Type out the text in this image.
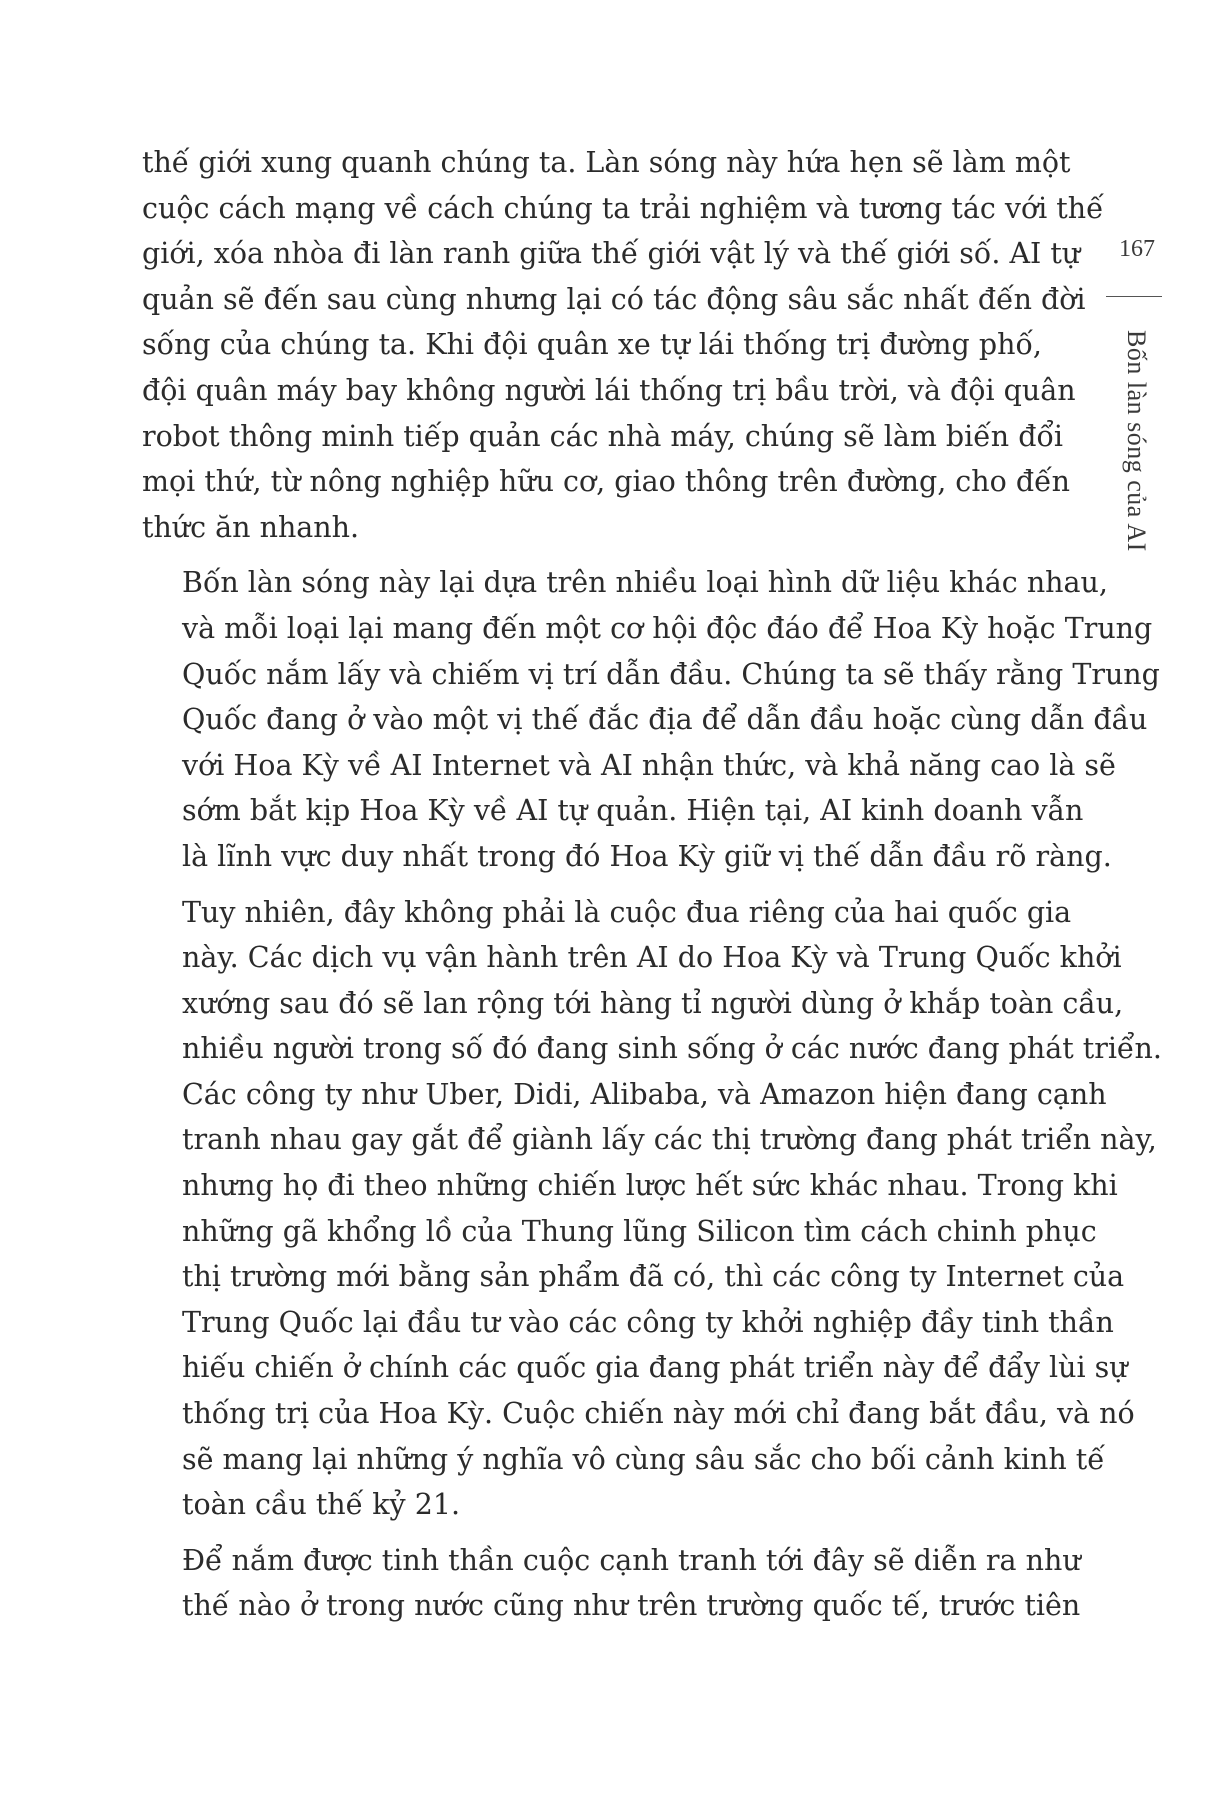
thế giới xung quanh chúng ta. Làn sóng này hứa hẹn sẽ làm một
cuộc cách mạng về cách chúng ta trải nghiệm và tương tác với thế
giới, xóa nhòa đi làn ranh giữa thế giới vật lý và thế giới số. AI tự
quản sẽ đến sau cùng nhưng lại có tác động sâu sắc nhất đến đời
sống của chúng ta. Khi đội quân xe tự lái thống trị đường phố,
đội quân máy bay không người lái thống trị bầu trời, và đội quân
robot thông minh tiếp quản các nhà máy, chúng sẽ làm biến đổi
mọi thứ, từ nông nghiệp hữu cơ, giao thông trên đường, cho đến
thức ăn nhanh.
Bốn làn sóng này lại dựa trên nhiều loại hình dữ liệu khác nhau,
và mỗi loại lại mang đến một cơ hội độc đáo để Hoa Kỳ hoặc Trung
Quốc nắm lấy và chiếm vị trí dẫn đầu. Chúng ta sẽ thấy rằng Trung
Quốc đang ở vào một vị thế đắc địa để dẫn đầu hoặc cùng dẫn đầu
với Hoa Kỳ về AI Internet và AI nhận thức, và khả năng cao là sẽ
sớm bắt kịp Hoa Kỳ về AI tự quản. Hiện tại, AI kinh doanh vẫn
là lĩnh vực duy nhất trong đó Hoa Kỳ giữ vị thế dẫn đầu rõ ràng.
Tuy nhiên, đây không phải là cuộc đua riêng của hai quốc gia
này. Các dịch vụ vận hành trên AI do Hoa Kỳ và Trung Quốc khởi
xướng sau đó sẽ lan rộng tới hàng tỉ người dùng ở khắp toàn cầu,
nhiều người trong số đó đang sinh sống ở các nước đang phát triển.
Các công ty như Uber, Didi, Alibaba, và Amazon hiện đang cạnh
tranh nhau gay gắt để giành lấy các thị trường đang phát triển này,
nhưng họ đi theo những chiến lược hết sức khác nhau. Trong khi
những gã khổng lồ của Thung lũng Silicon tìm cách chinh phục
thị trường mới bằng sản phẩm đã có, thì các công ty Internet của
Trung Quốc lại đầu tư vào các công ty khởi nghiệp đầy tinh thần
hiếu chiến ở chính các quốc gia đang phát triển này để đẩy lùi sự
thống trị của Hoa Kỳ. Cuộc chiến này mới chỉ đang bắt đầu, và nó
sẽ mang lại những ý nghĩa vô cùng sâu sắc cho bối cảnh kinh tế
toàn cầu thế kỷ 21.
Để nắm được tinh thần cuộc cạnh tranh tới đây sẽ diễn ra như
thế nào ở trong nước cũng như trên trường quốc tế, trước tiên
167
Bốn làn sóng của AI
